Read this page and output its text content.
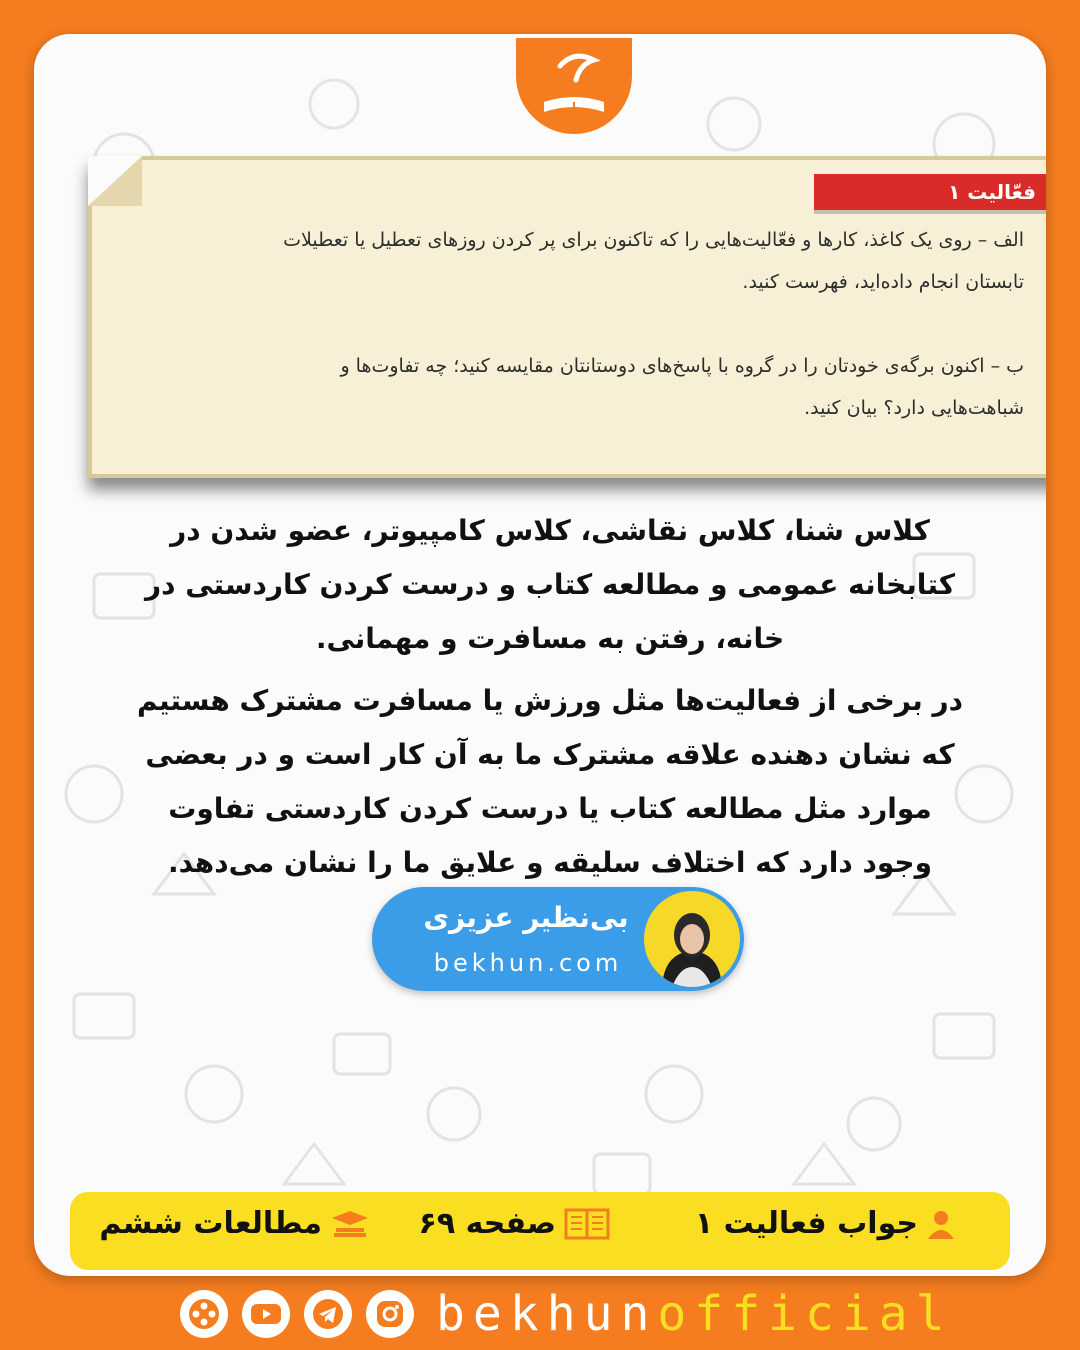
فعّالیت ۱
الف – روی یک کاغذ، کارها و فعّالیت‌هایی را که تاکنون برای پر کردن روزهای تعطیل یا تعطیلات
تابستان انجام داده‌اید، فهرست کنید.
ب – اکنون برگه‌ی خودتان را در گروه با پاسخ‌های دوستانتان مقایسه کنید؛ چه تفاوت‌ها و
شباهت‌هایی دارد؟ بیان کنید.
کلاس شنا، کلاس نقاشی، کلاس کامپیوتر، عضو شدن در
کتابخانه عمومی و مطالعه کتاب و درست کردن کاردستی در
خانه، رفتن به مسافرت و مهمانی.
در برخی از فعالیت‌ها مثل ورزش یا مسافرت مشترک هستیم
که نشان دهنده علاقه مشترک ما به آن کار است و در بعضی
موارد مثل مطالعه کتاب یا درست کردن کاردستی تفاوت
وجود دارد که اختلاف سلیقه و علایق ما را نشان می‌دهد.
بی‌نظیر عزیزی
bekhun.com
جواب فعالیت ۱
صفحه ۶۹
مطالعات ششم
bekhunofficial
